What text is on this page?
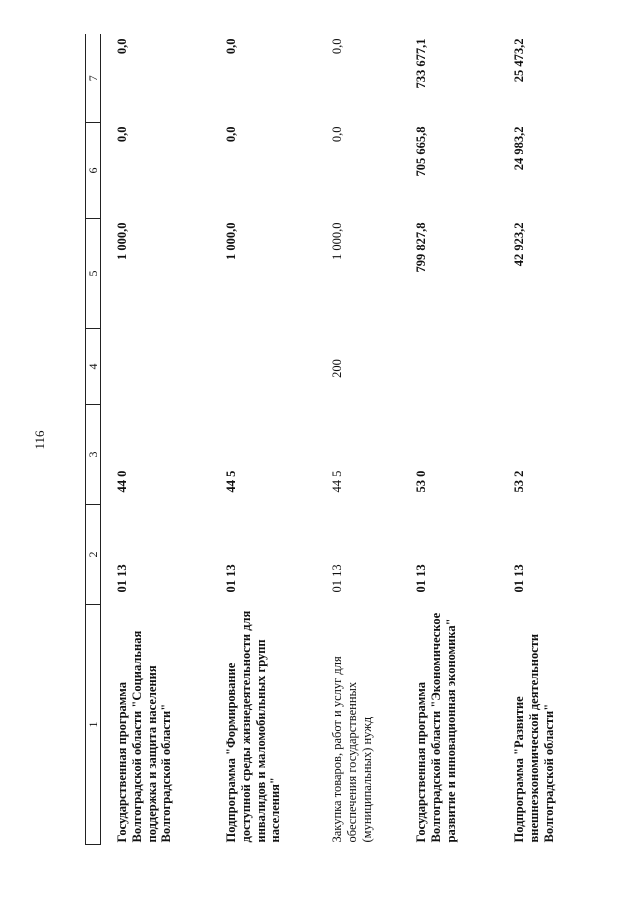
116
1	2	3	4	5	6	7
Государственная программа Волгоградской области "Социальная поддержка и защита населения Волгоградской области"	01 13	44 0		1 000,0	0,0	0,0
Подпрограмма "Формирование доступной среды жизнедеятельности для инвалидов и маломобильных групп населения"	01 13	44 5		1 000,0	0,0	0,0
Закупка товаров, работ и услуг для обеспечения государственных (муниципальных) нужд	01 13	44 5	200	1 000,0	0,0	0,0
Государственная программа Волгоградской области "Экономическое развитие и инновационная экономика"	01 13	53 0		799 827,8	705 665,8	733 677,1
Подпрограмма "Развитие внешнеэкономической деятельности Волгоградской области"	01 13	53 2		42 923,2	24 983,2	25 473,2
